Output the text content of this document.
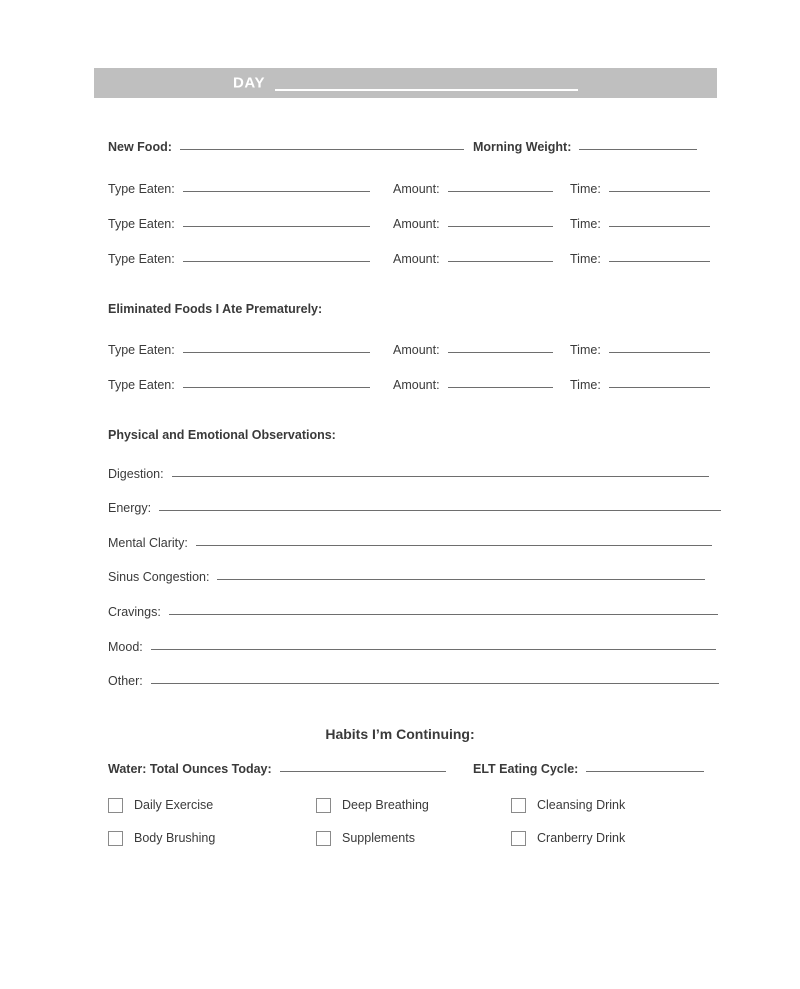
DAY
New Food:	Morning Weight:
Type Eaten:	Amount:	Time:
Type Eaten:	Amount:	Time:
Type Eaten:	Amount:	Time:
Eliminated Foods I Ate Prematurely:
Type Eaten:	Amount:	Time:
Type Eaten:	Amount:	Time:
Physical and Emotional Observations:
Digestion:
Energy:
Mental Clarity:
Sinus Congestion:
Cravings:
Mood:
Other:
Habits I’m Continuing:
Water: Total Ounces Today:	ELT Eating Cycle:
Daily Exercise	Deep Breathing	Cleansing Drink
Body Brushing	Supplements	Cranberry Drink
